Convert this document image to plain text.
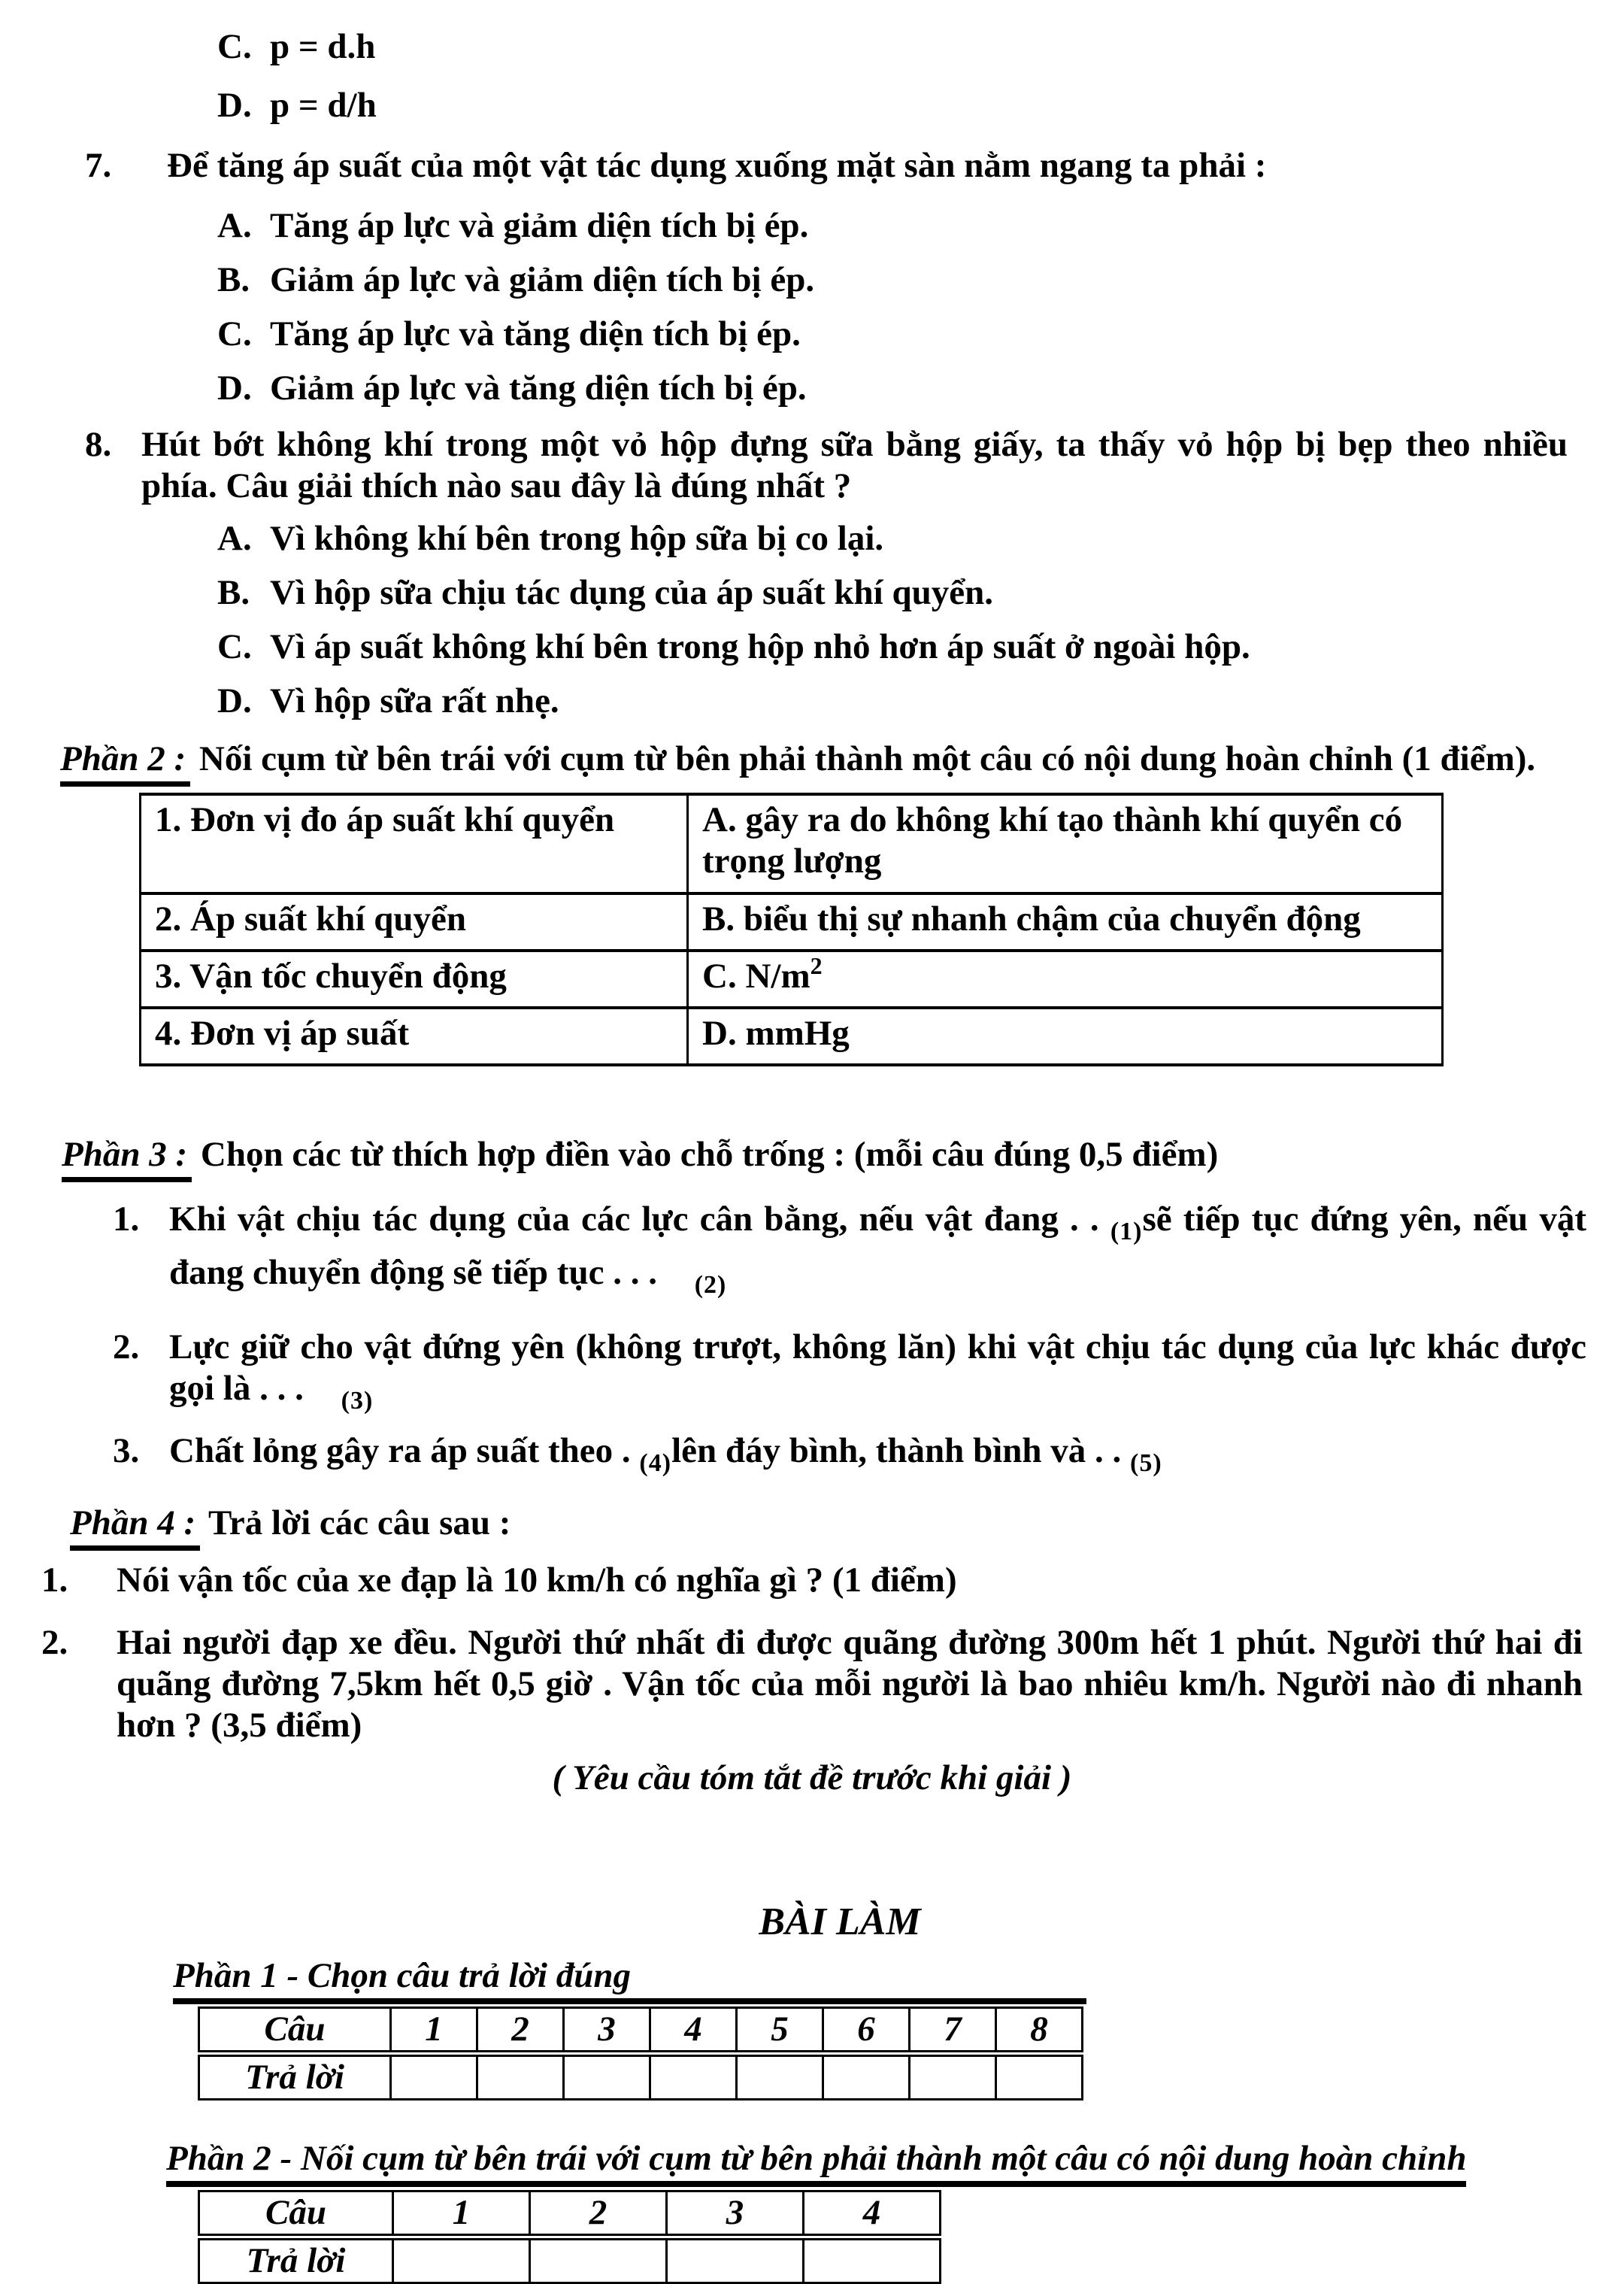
C. p = d.h
D. p = d/h
7.	Để tăng áp suất của một vật tác dụng xuống mặt sàn nằm ngang ta phải :
A. Tăng áp lực và giảm diện tích bị ép.
B. Giảm áp lực và giảm diện tích bị ép.
C. Tăng áp lực và tăng diện tích bị ép.
D. Giảm áp lực và tăng diện tích bị ép.
8. Hút bớt không khí trong một vỏ hộp đựng sữa bằng giấy, ta thấy vỏ hộp bị bẹp theo nhiều phía. Câu giải thích nào sau đây là đúng nhất ?
A. Vì không khí bên trong hộp sữa bị co lại.
B. Vì hộp sữa chịu tác dụng của áp suất khí quyển.
C. Vì áp suất không khí bên trong hộp nhỏ hơn áp suất ở ngoài hộp.
D. Vì hộp sữa rất nhẹ.
Phần 2 : Nối cụm từ bên trái với cụm từ bên phải thành một câu có nội dung hoàn chỉnh (1 điểm).
1. Đơn vị đo áp suất khí quyển	A. gây ra do không khí tạo thành khí quyển có trọng lượng
2. Áp suất khí quyển	B. biểu thị sự nhanh chậm của chuyển động
3. Vận tốc chuyển động	C. $N/m^2$
4. Đơn vị áp suất	D. mmHg
Phần 3 : Chọn các từ thích hợp điền vào chỗ trống : (mỗi câu đúng 0,5 điểm)
1. Khi vật chịu tác dụng của các lực cân bằng, nếu vật đang . . $_{(1)}$sẽ tiếp tục đứng yên, nếu vật đang chuyển động sẽ tiếp tục . . . $_{(2)}$
2. Lực giữ cho vật đứng yên (không trượt, không lăn) khi vật chịu tác dụng của lực khác được gọi là . . . $_{(3)}$
3. Chất lỏng gây ra áp suất theo . $_{(4)}$lên đáy bình, thành bình và . . $_{(5)}$
Phần 4 : Trả lời các câu sau :
1.	Nói vận tốc của xe đạp là 10 km/h có nghĩa gì ? (1 điểm)
2.	Hai người đạp xe đều. Người thứ nhất đi được quãng đường 300m hết 1 phút. Người thứ hai đi quãng đường 7,5km hết 0,5 giờ . Vận tốc của mỗi người là bao nhiêu km/h. Người nào đi nhanh hơn ? (3,5 điểm)
( Yêu cầu tóm tắt đề trước khi giải )
BÀI LÀM
Phần 1 - Chọn câu trả lời đúng
Câu	1	2	3	4	5	6	7	8
Trả lời								
Phần 2 - Nối cụm từ bên trái với cụm từ bên phải thành một câu có nội dung hoàn chỉnh
Câu	1	2	3	4
Trả lời				
